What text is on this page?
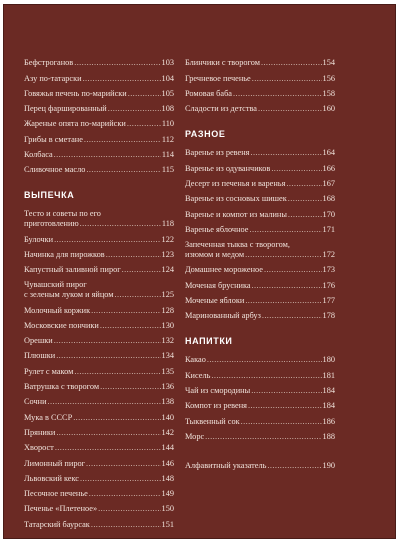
Бефстроганов .....	103
Азу по-татарски .....	104
Говяжья печень по-марийски .....	105
Перец фаршированный .....	108
Жареные опята по-марийски .....	110
Грибы в сметане .....	112
Колбаса .....	114
Сливочное масло .....	115
ВЫПЕЧКА
Тесто и советы по его
приготовлению .....	118
Булочки .....	122
Начинка для пирожков .....	123
Капустный заливной пирог .....	124
Чувашский пирог
с зеленым луком и яйцом .....	125
Молочный коржик .....	128
Московские пончики .....	130
Орешки .....	132
Плюшки .....	134
Рулет с маком .....	135
Ватрушка с творогом .....	136
Сочни .....	138
Мука в СССР .....	140
Пряники .....	142
Хворост .....	144
Лимонный пирог .....	146
Львовский кекс .....	148
Песочное печенье .....	149
Печенье «Плетеное» .....	150
Татарский баурсак .....	151
Блинчики с творогом .....	154
Гречневое печенье .....	156
Ромовая баба .....	158
Сладости из детства .....	160
РАЗНОЕ
Варенье из ревеня .....	164
Варенье из одуванчиков .....	166
Десерт из печенья и варенья .....	167
Варенье из сосновых шишек .....	168
Варенье и компот из малины .....	170
Варенье яблочное .....	171
Запеченная тыква с творогом,
изюмом и медом .....	172
Домашнее мороженое .....	173
Моченая брусника .....	176
Моченые яблоки .....	177
Маринованный арбуз .....	178
НАПИТКИ
Какао .....	180
Кисель .....	181
Чай из смородины .....	184
Компот из ревеня .....	184
Тыквенный сок .....	186
Морс .....	188
Алфавитный указатель .....	190
